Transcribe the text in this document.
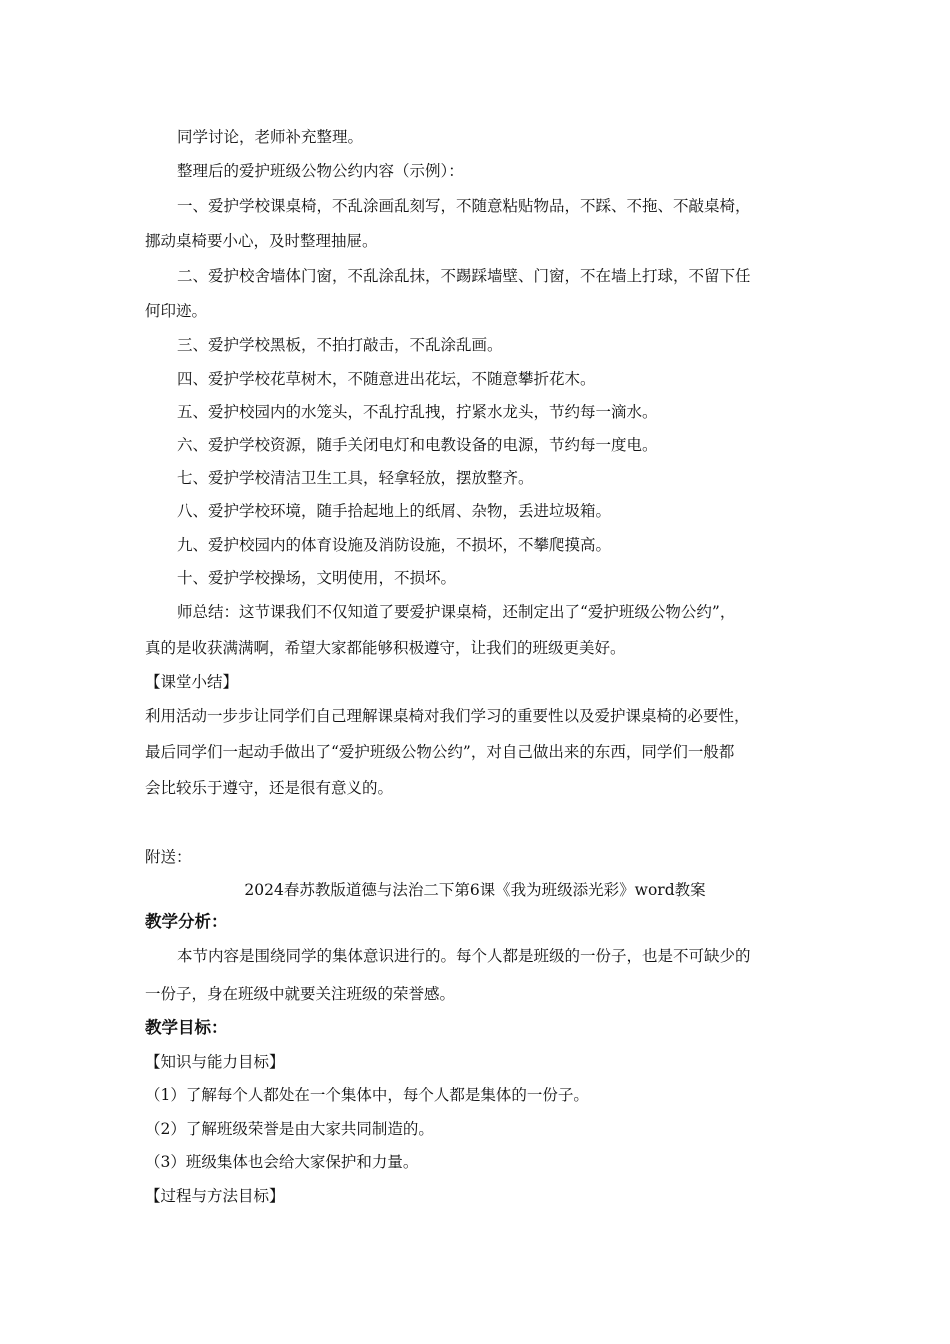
同学讨论，老师补充整理。

整理后的爱护班级公物公约内容（示例）：

一、爱护学校课桌椅，不乱涂画乱刻写，不随意粘贴物品，不踩、不拖、不敲桌椅，

挪动桌椅要小心，及时整理抽屉。

二、爱护校舍墙体门窗，不乱涂乱抹，不踢踩墙壁、门窗，不在墙上打球，不留下任

何印迹。

三、爱护学校黑板，不拍打敲击，不乱涂乱画。

四、爱护学校花草树木，不随意进出花坛，不随意攀折花木。

五、爱护校园内的水笼头，不乱拧乱拽，拧紧水龙头，节约每一滴水。

六、爱护学校资源，随手关闭电灯和电教设备的电源，节约每一度电。

七、爱护学校清洁卫生工具，轻拿轻放，摆放整齐。

八、爱护学校环境，随手拾起地上的纸屑、杂物，丢进垃圾箱。

九、爱护校园内的体育设施及消防设施，不损坏，不攀爬摸高。

十、爱护学校操场，文明使用，不损坏。

师总结：这节课我们不仅知道了要爱护课桌椅，还制定出了“爱护班级公物公约”，

真的是收获满满啊，希望大家都能够积极遵守，让我们的班级更美好。

【课堂小结】

利用活动一步步让同学们自己理解课桌椅对我们学习的重要性以及爱护课桌椅的必要性，

最后同学们一起动手做出了“爱护班级公物公约”，对自己做出来的东西，同学们一般都

会比较乐于遵守，还是很有意义的。

附送：

2024春苏教版道德与法治二下第6课《我为班级添光彩》word教案

教学分析：

本节内容是围绕同学的集体意识进行的。每个人都是班级的一份子，也是不可缺少的

一份子，身在班级中就要关注班级的荣誉感。

教学目标：

【知识与能力目标】

（1）了解每个人都处在一个集体中，每个人都是集体的一份子。

（2）了解班级荣誉是由大家共同制造的。

（3）班级集体也会给大家保护和力量。

【过程与方法目标】
